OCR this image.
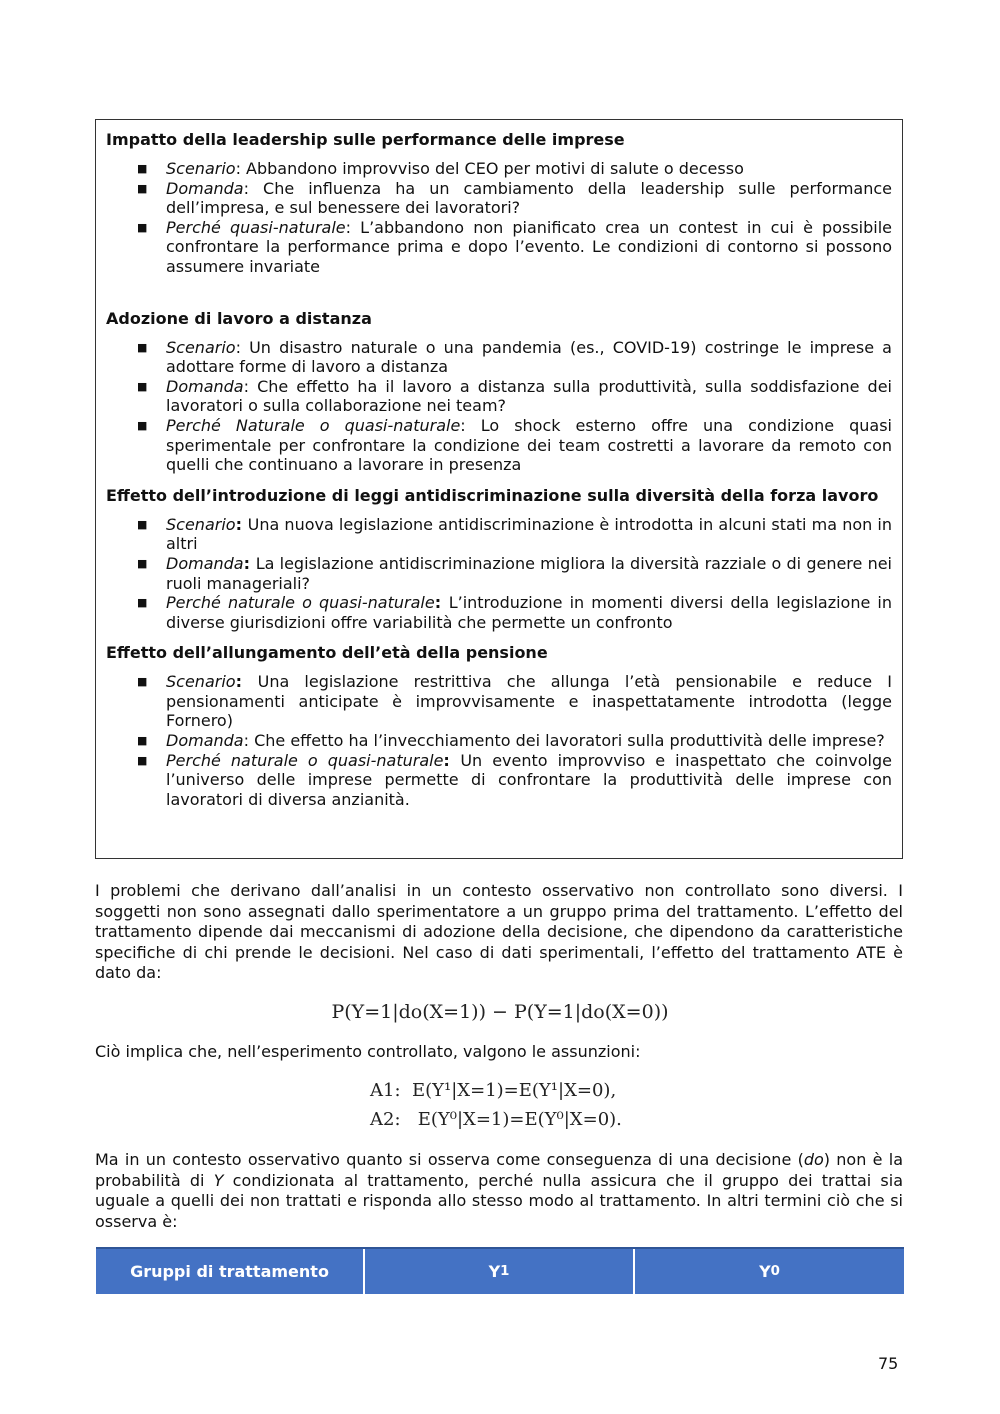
Impatto della leadership sulle performance delle imprese
■ Scenario: Abbandono improvviso del CEO per motivi di salute o decesso
■ Domanda: Che influenza ha un cambiamento della leadership sulle performance dell’impresa, e sul benessere dei lavoratori?
■ Perché quasi-naturale: L’abbandono non pianificato crea un contest in cui è possibile confrontare la performance prima e dopo l’evento. Le condizioni di contorno si possono assumere invariate
Adozione di lavoro a distanza
■ Scenario: Un disastro naturale o una pandemia (es., COVID-19) costringe le imprese a adottare forme di lavoro a distanza
■ Domanda: Che effetto ha il lavoro a distanza sulla produttività, sulla soddisfazione dei lavoratori o sulla collaborazione nei team?
■ Perché Naturale o quasi-naturale: Lo shock esterno offre una condizione quasi sperimentale per confrontare la condizione dei team costretti a lavorare da remoto con quelli che continuano a lavorare in presenza
Effetto dell’introduzione di leggi antidiscriminazione sulla diversità della forza lavoro
■ Scenario: Una nuova legislazione antidiscriminazione è introdotta in alcuni stati ma non in altri
■ Domanda: La legislazione antidiscriminazione migliora la diversità razziale o di genere nei ruoli manageriali?
■ Perché naturale o quasi-naturale: L’introduzione in momenti diversi della legislazione in diverse giurisdizioni offre variabilità che permette un confronto
Effetto dell’allungamento dell’età della pensione
■ Scenario: Una legislazione restrittiva che allunga l’età pensionabile e reduce I pensionamenti anticipate è improvvisamente e inaspettatamente introdotta (legge Fornero)
■ Domanda: Che effetto ha l’invecchiamento dei lavoratori sulla produttività delle imprese?
■ Perché naturale o quasi-naturale: Un evento improvviso e inaspettato che coinvolge l’universo delle imprese permette di confrontare la produttività delle imprese con lavoratori di diversa anzianità.

I problemi che derivano dall’analisi in un contesto osservativo non controllato sono diversi. I soggetti non sono assegnati dallo sperimentatore a un gruppo prima del trattamento. L’effetto del trattamento dipende dai meccanismi di adozione della decisione, che dipendono da caratteristiche specifiche di chi prende le decisioni. Nel caso di dati sperimentali, l’effetto del trattamento ATE è dato da:

P(Y=1|do(X=1)) − P(Y=1|do(X=0))

Ciò implica che, nell’esperimento controllato, valgono le assunzioni:

A1: E(Y¹|X=1)=E(Y¹|X=0),
A2: E(Y⁰|X=1)=E(Y⁰|X=0).

Ma in un contesto osservativo quanto si osserva come conseguenza di una decisione (do) non è la probabilità di Y condizionata al trattamento, perché nulla assicura che il gruppo dei trattai sia uguale a quelli dei non trattati e risponda allo stesso modo al trattamento. In altri termini ciò che si osserva è:

Gruppi di trattamento	Y 1	Y 0
75
